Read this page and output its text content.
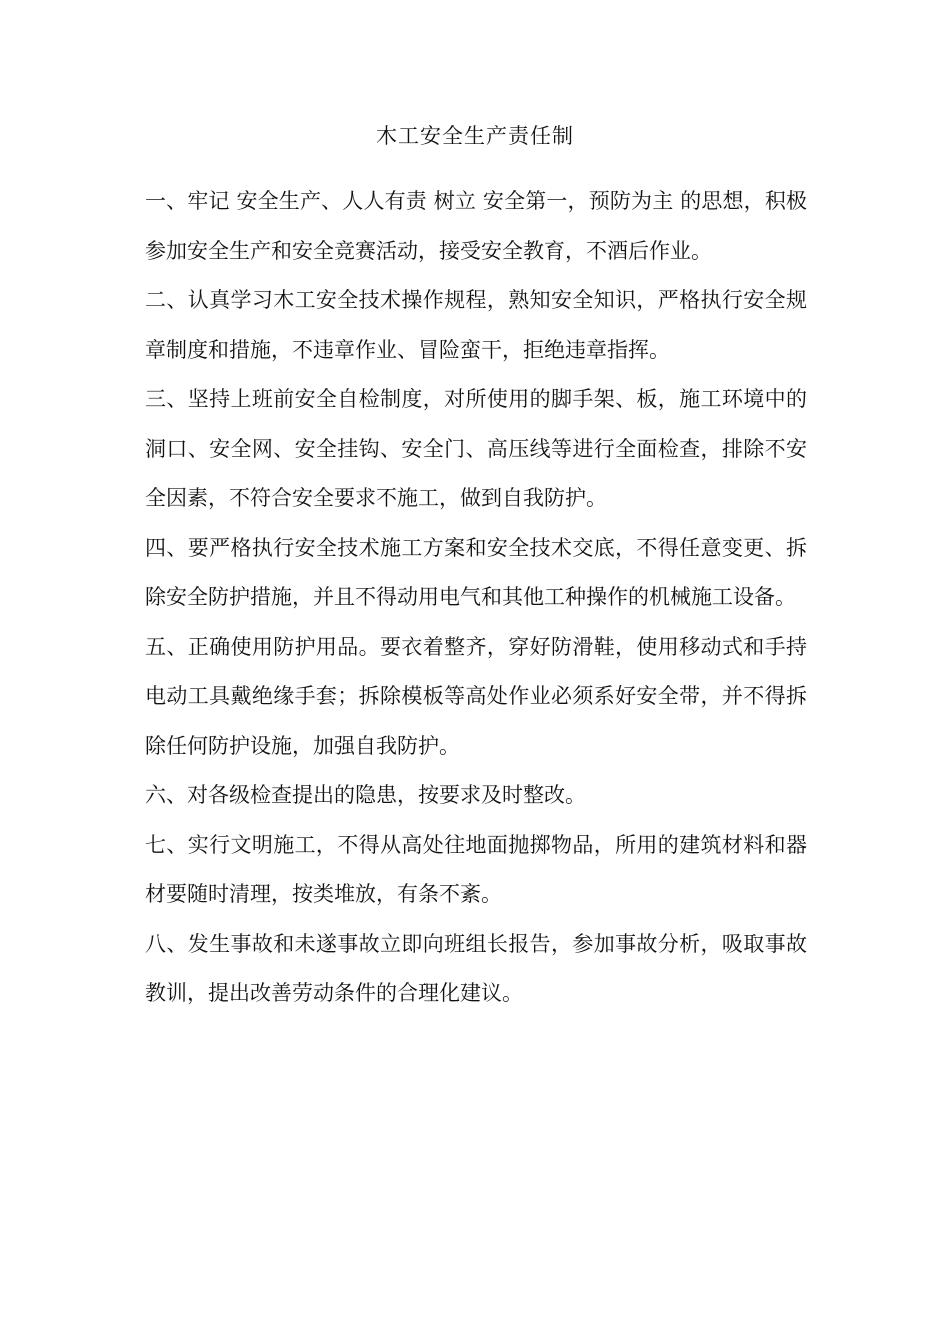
木工安全生产责任制

一、牢记 安全生产、人人有责 树立 安全第一，预防为主 的思想，积极参加安全生产和安全竞赛活动，接受安全教育，不酒后作业。

二、认真学习木工安全技术操作规程，熟知安全知识，严格执行安全规章制度和措施，不违章作业、冒险蛮干，拒绝违章指挥。

三、坚持上班前安全自检制度，对所使用的脚手架、板，施工环境中的洞口、安全网、安全挂钩、安全门、高压线等进行全面检查，排除不安全因素，不符合安全要求不施工，做到自我防护。

四、要严格执行安全技术施工方案和安全技术交底，不得任意变更、拆除安全防护措施，并且不得动用电气和其他工种操作的机械施工设备。

五、正确使用防护用品。要衣着整齐，穿好防滑鞋，使用移动式和手持电动工具戴绝缘手套；拆除模板等高处作业必须系好安全带，并不得拆除任何防护设施，加强自我防护。

六、对各级检查提出的隐患，按要求及时整改。

七、实行文明施工，不得从高处往地面抛掷物品，所用的建筑材料和器材要随时清理，按类堆放，有条不紊。

八、发生事故和未遂事故立即向班组长报告，参加事故分析，吸取事故教训，提出改善劳动条件的合理化建议。
